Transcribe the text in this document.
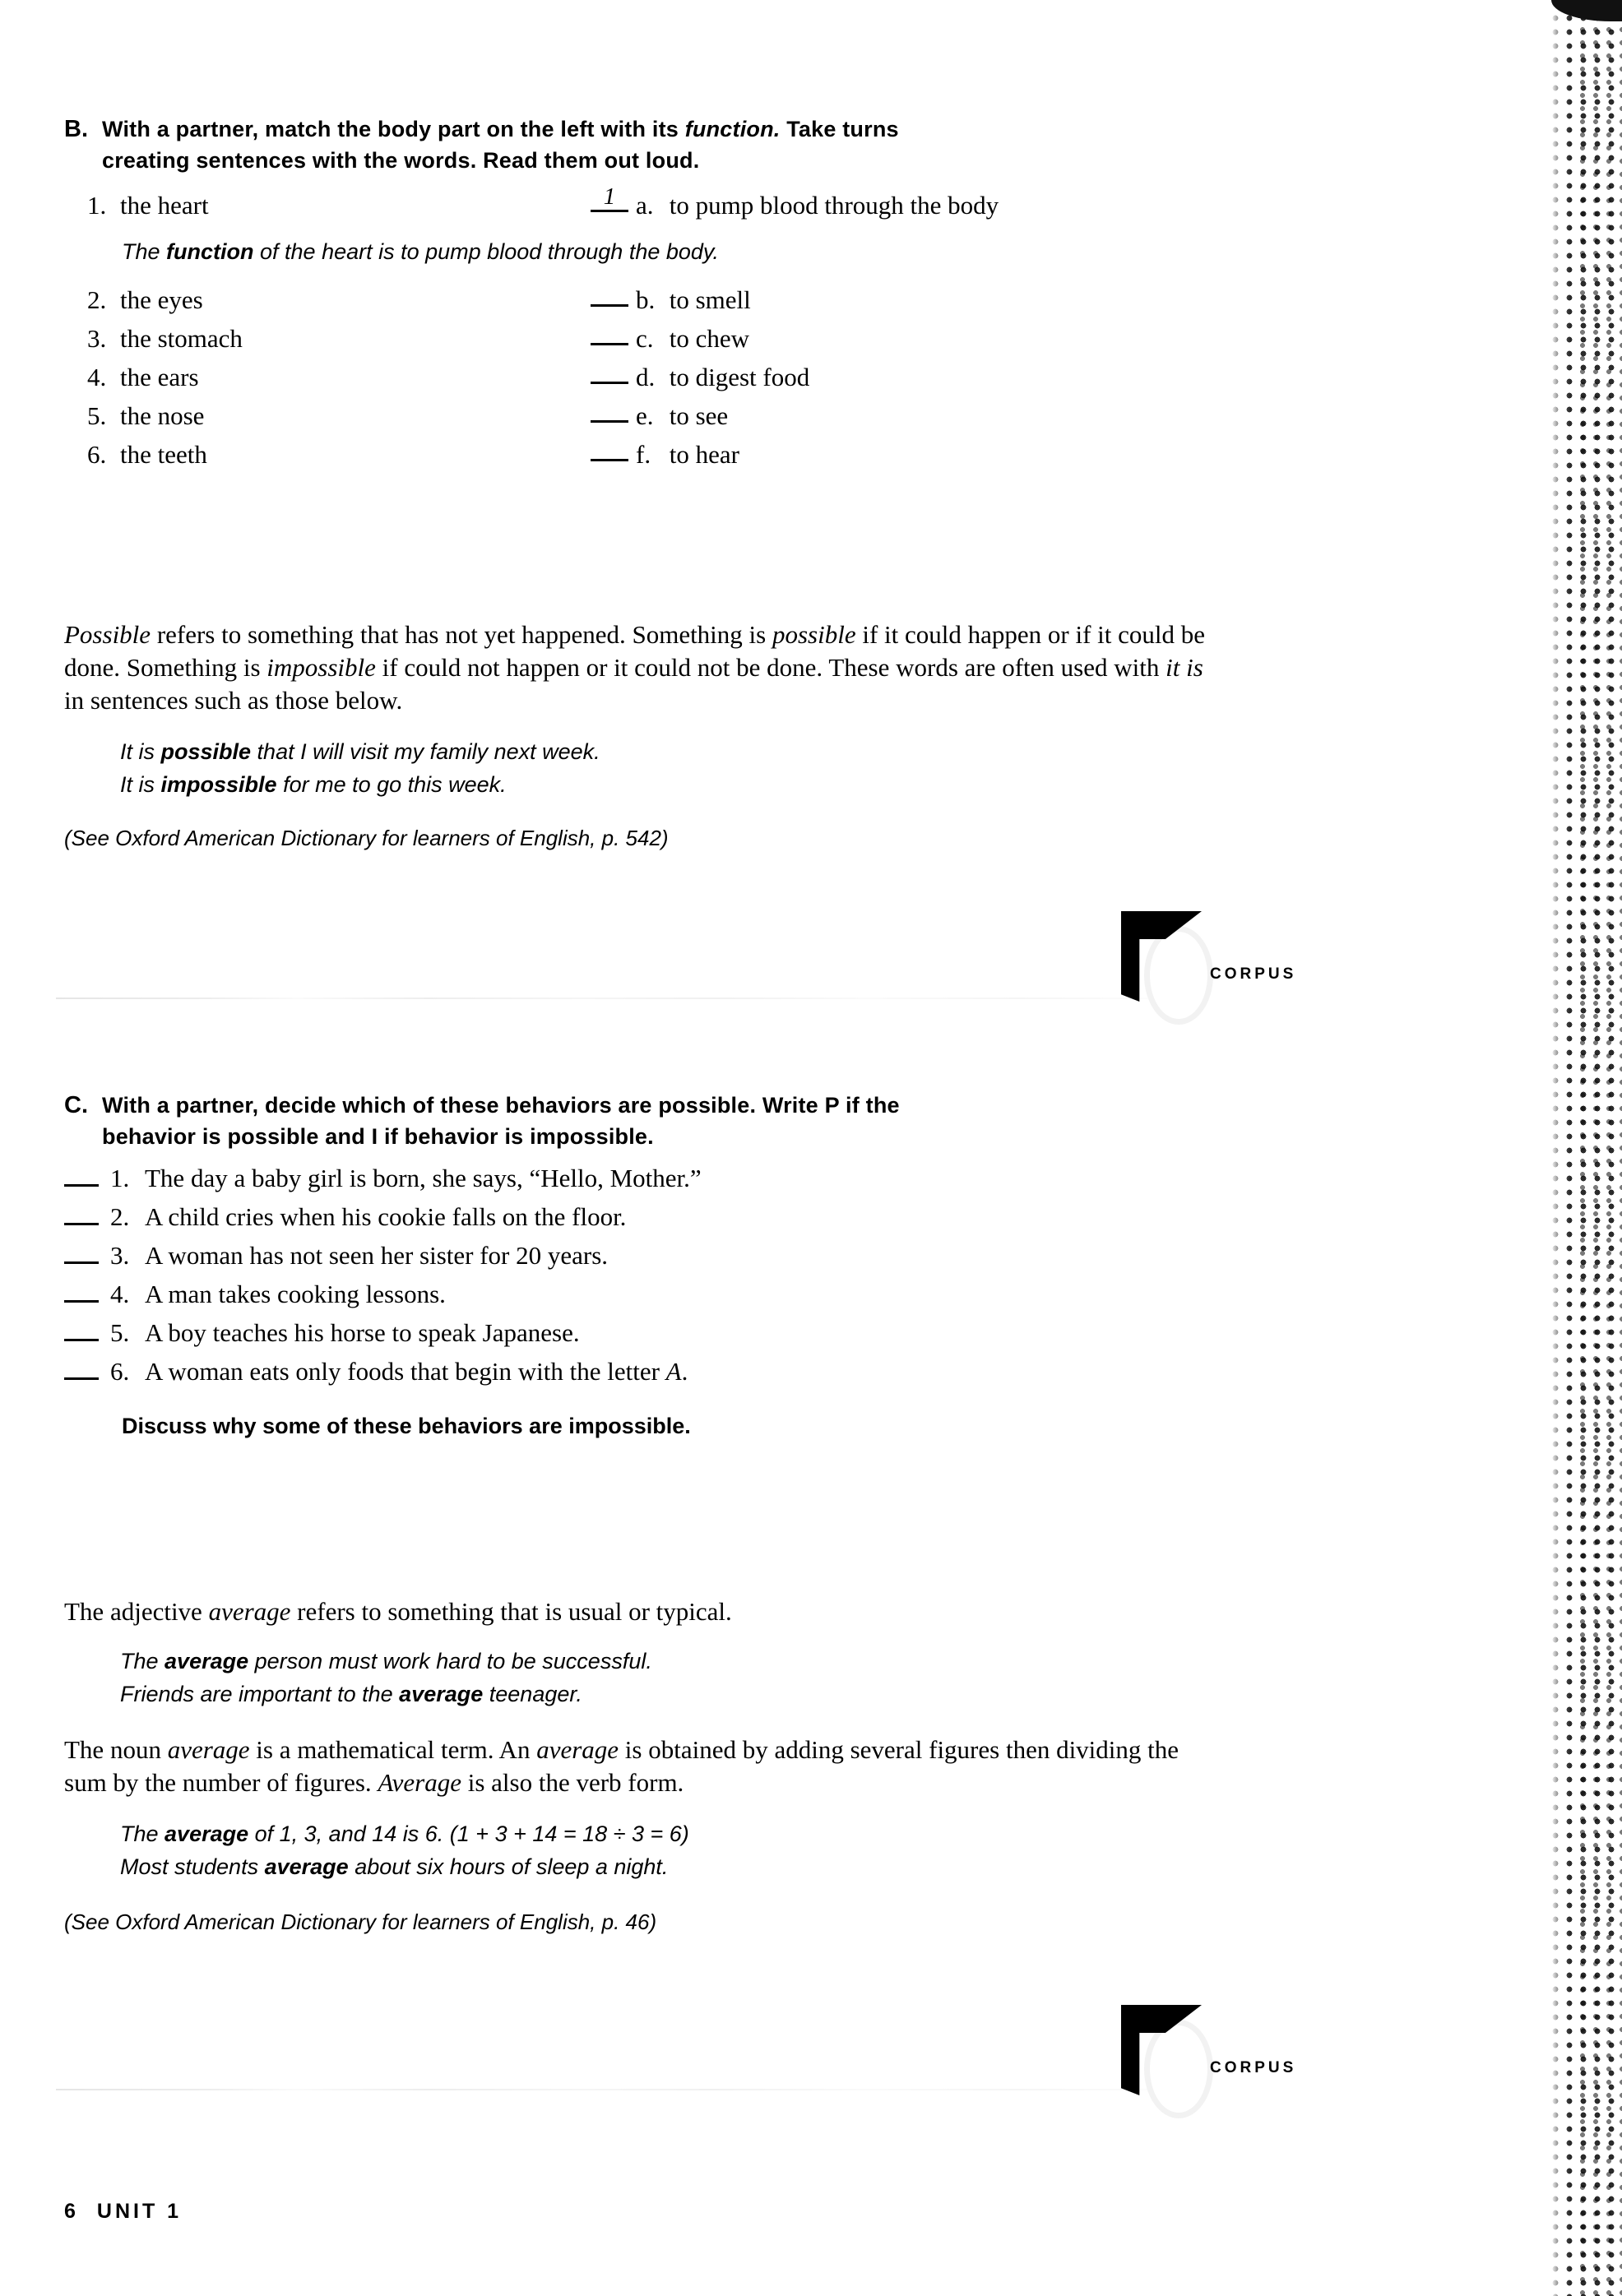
B. With a partner, match the body part on the left with its function. Take turns
creating sentences with the words. Read them out loud.
1. the heart 1	a. to pump blood through the body
The function of the heart is to pump blood through the body.
2. the eyes	b. to smell
3. the stomach	c. to chew
4. the ears	d. to digest food
5. the nose	e. to see
6. the teeth	f. to hear

Possible refers to something that has not yet happened. Something is possible if it could happen or if it could be done. Something is impossible if could not happen or it could not be done. These words are often used with it is in sentences such as those below.

It is possible that I will visit my family next week.
It is impossible for me to go this week.
(See Oxford American Dictionary for learners of English, p. 542)
CORPUS
C. With a partner, decide which of these behaviors are possible. Write P if the
behavior is possible and I if behavior is impossible.
1. The day a baby girl is born, she says, “Hello, Mother.”
2. A child cries when his cookie falls on the floor.
3. A woman has not seen her sister for 20 years.
4. A man takes cooking lessons.
5. A boy teaches his horse to speak Japanese.
6. A woman eats only foods that begin with the letter A.
Discuss why some of these behaviors are impossible.

The adjective average refers to something that is usual or typical.

The average person must work hard to be successful.
Friends are important to the average teenager.

The noun average is a mathematical term. An average is obtained by adding several figures then dividing the sum by the number of figures. Average is also the verb form.

The average of 1, 3, and 14 is 6. (1 + 3 + 14 = 18 ÷ 3 = 6)
Most students average about six hours of sleep a night.
(See Oxford American Dictionary for learners of English, p. 46)
CORPUS
6 UNIT 1
